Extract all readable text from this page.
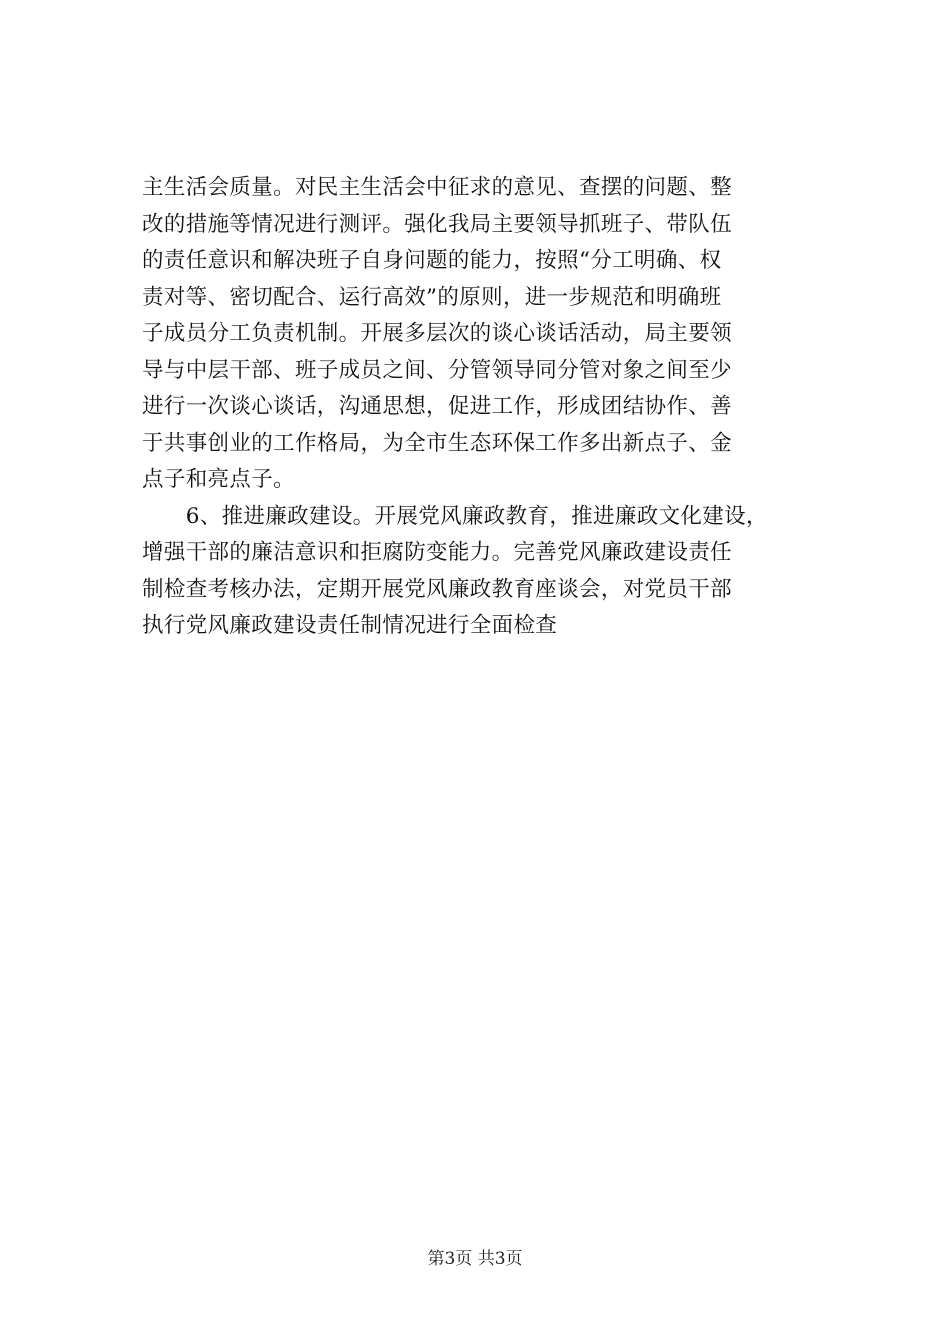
主生活会质量。对民主生活会中征求的意见、查摆的问题、整
改的措施等情况进行测评。强化我局主要领导抓班子、带队伍
的责任意识和解决班子自身问题的能力，按照“分工明确、权
责对等、密切配合、运行高效”的原则，进一步规范和明确班
子成员分工负责机制。开展多层次的谈心谈话活动，局主要领
导与中层干部、班子成员之间、分管领导同分管对象之间至少
进行一次谈心谈话，沟通思想，促进工作，形成团结协作、善
于共事创业的工作格局，为全市生态环保工作多出新点子、金
点子和亮点子。
　　6、推进廉政建设。开展党风廉政教育，推进廉政文化建设，
增强干部的廉洁意识和拒腐防变能力。完善党风廉政建设责任
制检查考核办法，定期开展党风廉政教育座谈会，对党员干部
执行党风廉政建设责任制情况进行全面检查
第3页 共3页
